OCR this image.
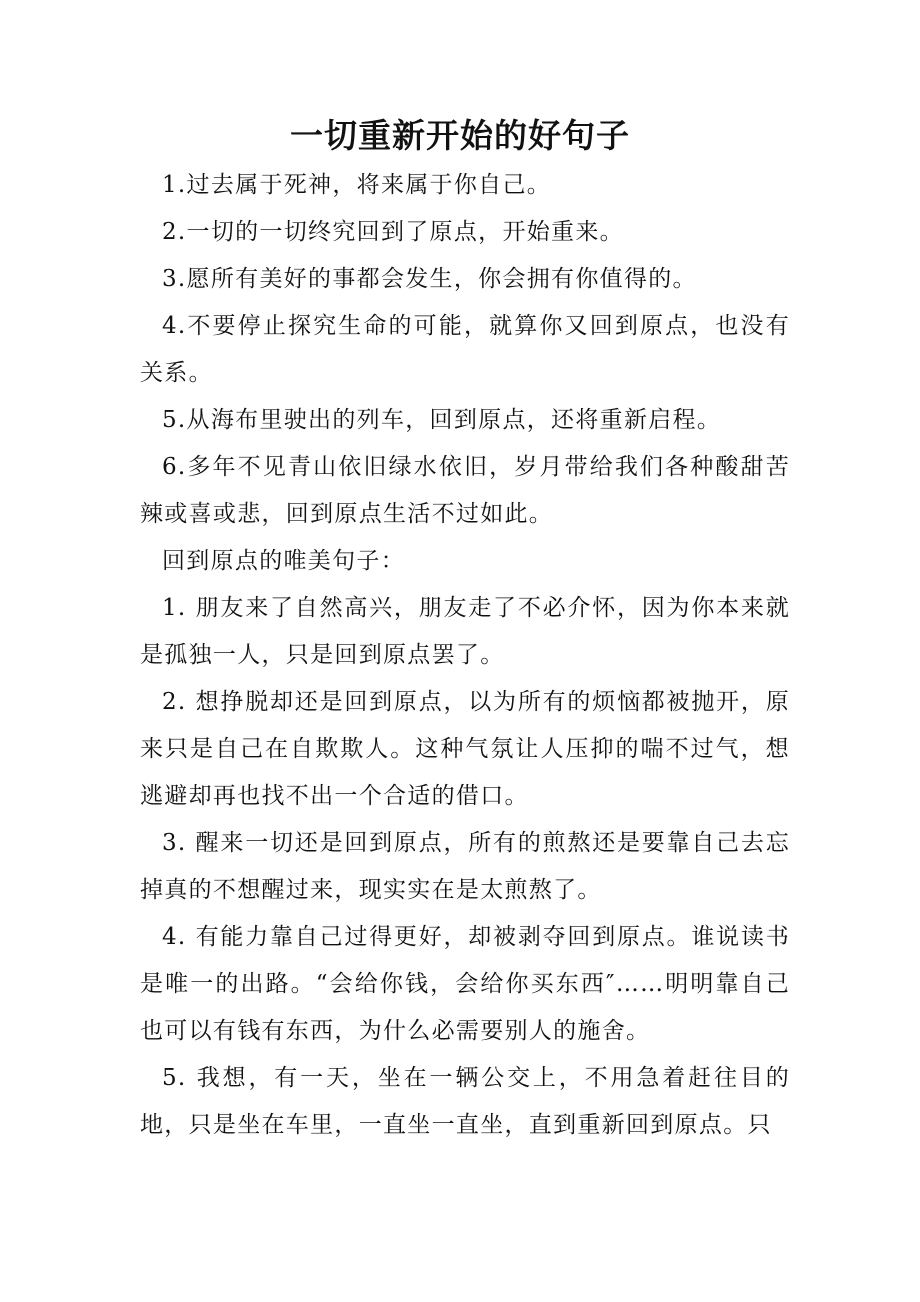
一切重新开始的好句子

1.过去属于死神，将来属于你自己。

2.一切的一切终究回到了原点，开始重来。

3.愿所有美好的事都会发生，你会拥有你值得的。

4.不要停止探究生命的可能，就算你又回到原点，也没有关系。

5.从海布里驶出的列车，回到原点，还将重新启程。

6.多年不见青山依旧绿水依旧，岁月带给我们各种酸甜苦辣或喜或悲，回到原点生活不过如此。

回到原点的唯美句子：

1. 朋友来了自然高兴，朋友走了不必介怀，因为你本来就是孤独一人，只是回到原点罢了。

2. 想挣脱却还是回到原点，以为所有的烦恼都被抛开，原来只是自己在自欺欺人。这种气氛让人压抑的喘不过气，想逃避却再也找不出一个合适的借口。

3. 醒来一切还是回到原点，所有的煎熬还是要靠自己去忘掉真的不想醒过来，现实实在是太煎熬了。

4. 有能力靠自己过得更好，却被剥夺回到原点。谁说读书是唯一的出路。“会给你钱，会给你买东西″……明明靠自己也可以有钱有东西，为什么必需要别人的施舍。

5. 我想，有一天，坐在一辆公交上，不用急着赶往目的地，只是坐在车里，一直坐一直坐，直到重新回到原点。只
